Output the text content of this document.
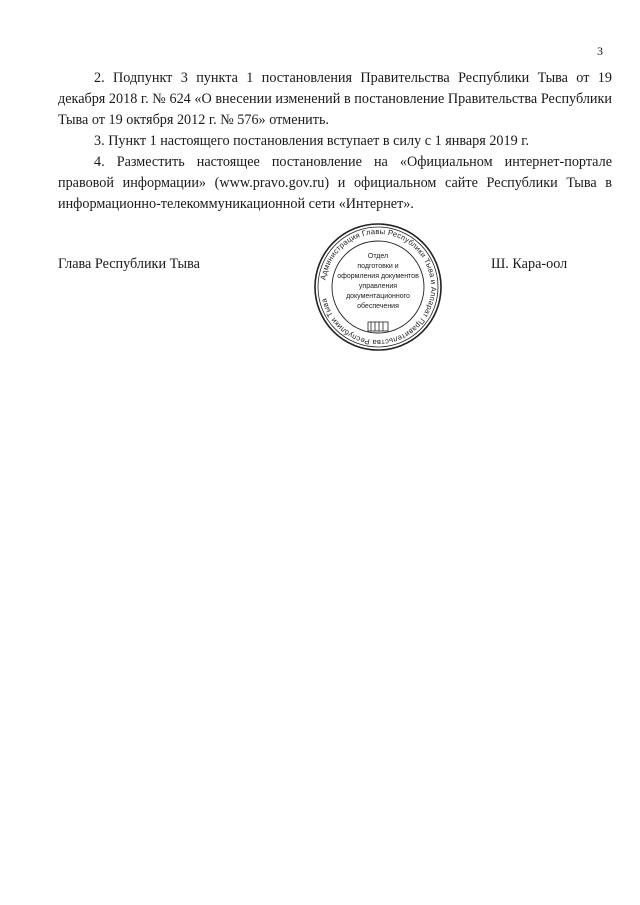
3

2. Подпункт 3 пункта 1 постановления Правительства Республики Тыва от 19 декабря 2018 г. № 624 «О внесении изменений в постановление Правительства Республики Тыва от 19 октября 2012 г. № 576» отменить.

3. Пункт 1 настоящего постановления вступает в силу с 1 января 2019 г.

4. Разместить настоящее постановление на «Официальном интернет-портале правовой информации» (www.pravo.gov.ru) и официальном сайте Республики Тыва в информационно-телекоммуникационной сети «Интернет».

Глава Республики Тыва	Ш. Кара-оол
Администрация Главы Республики Тыва и Аппарат Правительства Республики Тыва
Отдел
подготовки и
оформления документов
управления
документационного
обеспечения
